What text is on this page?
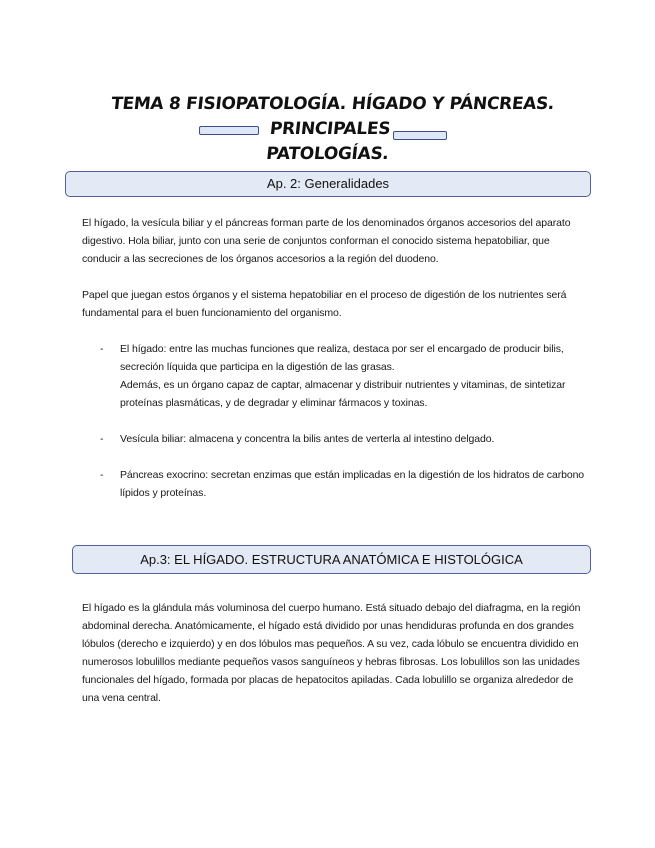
TEMA 8 FISIOPATOLOGÍA. HÍGADO Y PÁNCREAS. PRINCIPALES
PATOLOGÍAS.
Ap. 2: Generalidades

El hígado, la vesícula biliar y el páncreas forman parte de los denominados órganos accesorios del aparato digestivo. Hola biliar, junto con una serie de conjuntos conforman el conocido sistema hepatobiliar, que conducir a las secreciones de los órganos accesorios a la región del duodeno.

Papel que juegan estos órganos y el sistema hepatobiliar en el proceso de digestión de los nutrientes será fundamental para el buen funcionamiento del organismo.

- El hígado: entre las muchas funciones que realiza, destaca por ser el encargado de producir bilis, secreción líquida que participa en la digestión de las grasas.
Además, es un órgano capaz de captar, almacenar y distribuir nutrientes y vitaminas, de sintetizar proteínas plasmáticas, y de degradar y eliminar fármacos y toxinas.
- Vesícula biliar: almacena y concentra la bilis antes de verterla al intestino delgado.
- Páncreas exocrino: secretan enzimas que están implicadas en la digestión de los hidratos de carbono lípidos y proteínas.
Ap.3: EL HÍGADO. ESTRUCTURA ANATÓMICA E HISTOLÓGICA

El hígado es la glándula más voluminosa del cuerpo humano. Está situado debajo del diafragma, en la región abdominal derecha. Anatómicamente, el hígado está dividido por unas hendiduras profunda en dos grandes lóbulos (derecho e izquierdo) y en dos lóbulos mas pequeños. A su vez, cada lóbulo se encuentra dividido en numerosos lobulillos mediante pequeños vasos sanguíneos y hebras fibrosas. Los lobulillos son las unidades funcionales del hígado, formada por placas de hepatocitos apiladas. Cada lobulillo se organiza alrededor de una vena central.
